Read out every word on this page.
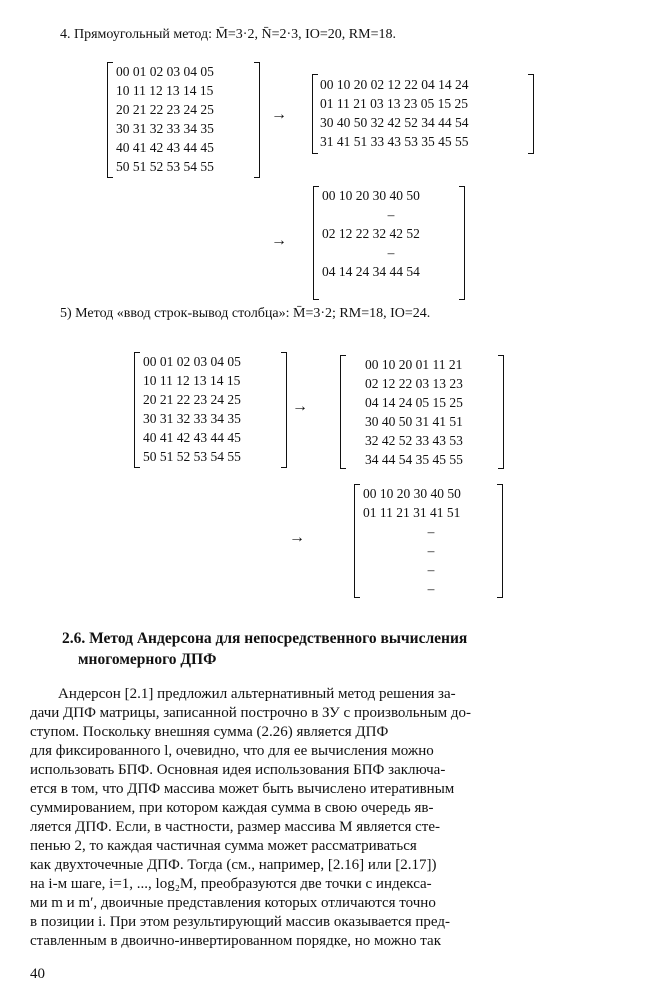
4. Прямоугольный метод: M̄=3·2, N̄=2·3, IO=20, RM=18.
00 01 02 03 04 05
10 11 12 13 14 15
20 21 22 23 24 25
30 31 32 33 34 35
40 41 42 43 44 45
50 51 52 53 54 55
→
00 10 20 02 12 22 04 14 24
01 11 21 03 13 23 05 15 25
30 40 50 32 42 52 34 44 54
31 41 51 33 43 53 35 45 55
→
00 10 20 30 40 50
–
02 12 22 32 42 52
–
04 14 24 34 44 54
5) Метод «ввод строк-вывод столбца»: M̄=3·2; RM=18, IO=24.
00 01 02 03 04 05
10 11 12 13 14 15
20 21 22 23 24 25
30 31 32 33 34 35
40 41 42 43 44 45
50 51 52 53 54 55
→
00 10 20 01 11 21
02 12 22 03 13 23
04 14 24 05 15 25
30 40 50 31 41 51
32 42 52 33 43 53
34 44 54 35 45 55
→
00 10 20 30 40 50
01 11 21 31 41 51
–
–
–
–
2.6. Метод Андерсона для непосредственного вычисления
многомерного ДПФ
Андерсон [2.1] предложил альтернативный метод решения за-
дачи ДПФ матрицы, записанной построчно в ЗУ с произвольным до-
ступом. Поскольку внешняя сумма (2.26) является ДПФ
для фиксированного l, очевидно, что для ее вычисления можно
использовать БПФ. Основная идея использования БПФ заключа-
ется в том, что ДПФ массива может быть вычислено итеративным
суммированием, при котором каждая сумма в свою очередь яв-
ляется ДПФ. Если, в частности, размер массива M является сте-
пенью 2, то каждая частичная сумма может рассматриваться
как двухточечные ДПФ. Тогда (см., например, [2.16] или [2.17])
на i-м шаге, i=1, ..., log₂M, преобразуются две точки с индекса-
ми m и m′, двоичные представления которых отличаются точно
в позиции i. При этом результирующий массив оказывается пред-
ставленным в двоично-инвертированном порядке, но можно так
40
